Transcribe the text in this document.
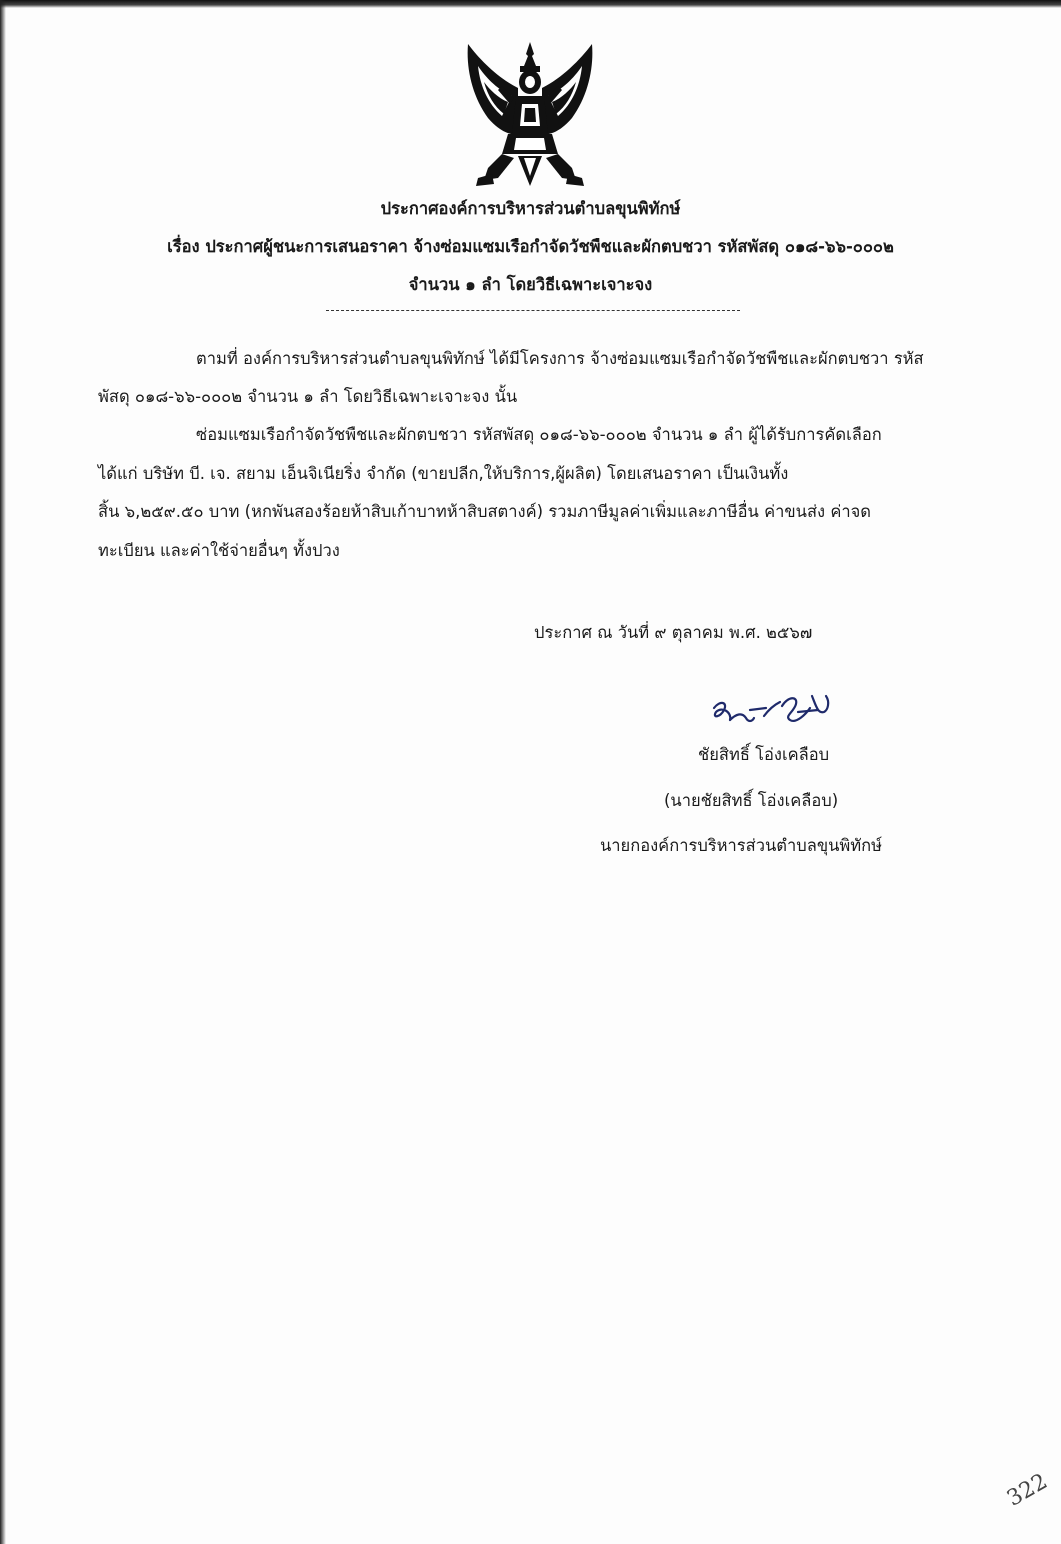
ประกาศองค์การบริหารส่วนตำบลขุนพิทักษ์
เรื่อง ประกาศผู้ชนะการเสนอราคา จ้างซ่อมแซมเรือกำจัดวัชพืชและผักตบชวา รหัสพัสดุ ๐๑๘-๖๖-๐๐๐๒
จำนวน ๑ ลำ โดยวิธีเฉพาะเจาะจง
ตามที่ องค์การบริหารส่วนตำบลขุนพิทักษ์ ได้มีโครงการ จ้างซ่อมแซมเรือกำจัดวัชพืชและผักตบชวา รหัส
พัสดุ ๐๑๘-๖๖-๐๐๐๒ จำนวน ๑ ลำ โดยวิธีเฉพาะเจาะจง นั้น
ซ่อมแซมเรือกำจัดวัชพืชและผักตบชวา รหัสพัสดุ ๐๑๘-๖๖-๐๐๐๒ จำนวน ๑ ลำ ผู้ได้รับการคัดเลือก
ได้แก่ บริษัท บี. เจ. สยาม เอ็นจิเนียริ่ง จำกัด (ขายปลีก,ให้บริการ,ผู้ผลิต) โดยเสนอราคา เป็นเงินทั้ง
สิ้น ๖,๒๕๙.๕๐ บาท (หกพันสองร้อยห้าสิบเก้าบาทห้าสิบสตางค์) รวมภาษีมูลค่าเพิ่มและภาษีอื่น ค่าขนส่ง ค่าจด
ทะเบียน และค่าใช้จ่ายอื่นๆ ทั้งปวง
ประกาศ ณ วันที่ ๙ ตุลาคม พ.ศ. ๒๕๖๗
ชัยสิทธิ์ โอ่งเคลือบ
(นายชัยสิทธิ์ โอ่งเคลือบ)
นายกองค์การบริหารส่วนตำบลขุนพิทักษ์
322
